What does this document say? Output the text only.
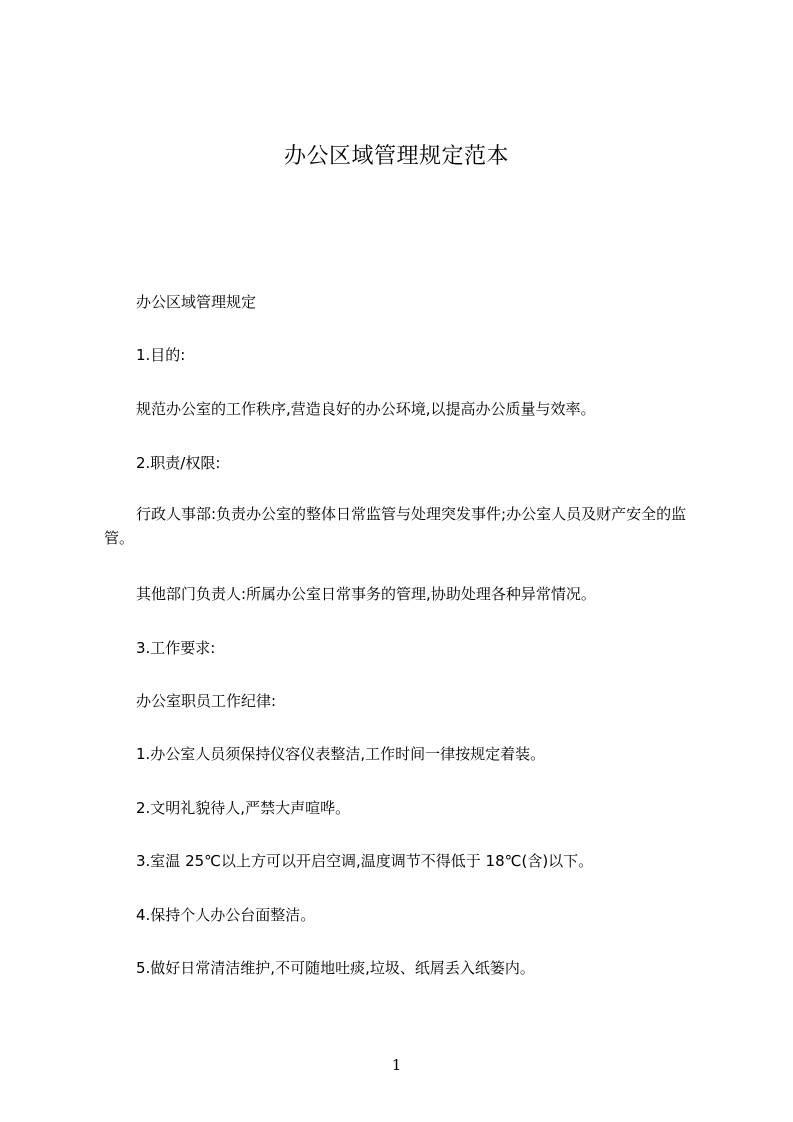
办公区域管理规定范本
办公区域管理规定
1.目的:
规范办公室的工作秩序,营造良好的办公环境,以提高办公质量与效率。
2.职责/权限:
行政人事部:负责办公室的整体日常监管与处理突发事件;办公室人员及财产安全的监管。
其他部门负责人:所属办公室日常事务的管理,协助处理各种异常情况。
3.工作要求:
办公室职员工作纪律:
1.办公室人员须保持仪容仪表整洁,工作时间一律按规定着装。
2.文明礼貌待人,严禁大声喧哗。
3.室温 25℃以上方可以开启空调,温度调节不得低于 18℃(含)以下。
4.保持个人办公台面整洁。
5.做好日常清洁维护,不可随地吐痰,垃圾、纸屑丢入纸篓内。
1
